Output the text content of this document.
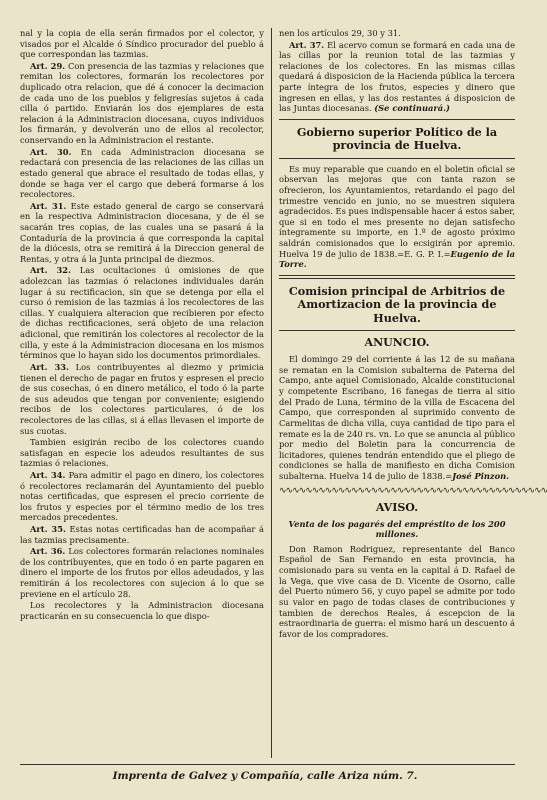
nal y la copia de ella serán firmados por el colector, y visados por el Alcalde ó Síndico procurador del pueblo á que correspondan las tazmias.

Art. 29. Con presencia de las tazmias y relaciones que remitan los colectores, formarán los recolectores por duplicado otra relacion, que dé á conocer la decimacion de cada uno de los pueblos y feligresías sujetos á cada cilla ó partido. Enviarán los dos ejemplares de esta relacion á la Administracion diocesana, cuyos individuos los firmarán, y devolverán uno de ellos al recolector, conservando en la Administracion el restante.

Art. 30. En cada Administracion diocesana se redactará con presencia de las relaciones de las cillas un estado general que abrace el resultado de todas ellas, y donde se haga ver el cargo que deberá formarse á los recolectores.

Art. 31. Este estado general de cargo se conservará en la respectiva Administracion diocesana, y de él se sacarán tres copias, de las cuales una se pasará á la Contaduría de la provincia á que corresponda la capital de la diócesis, otra se remitirá á la Direccion general de Rentas, y otra á la Junta principal de diezmos.

Art. 32. Las ocultaciones ú omisiones de que adolezcan las tazmias ó relaciones individuales darán lugar á su rectificacion, sin que se detenga por ella el curso ó remision de las tazmias á los recolectores de las cillas. Y cualquiera alteracion que recibieren por efecto de dichas rectificaciones, será objeto de una relacion adicional, que remitirán los colectores al recolector de la cilla, y este á la Administracion diocesana en los mismos términos que lo hayan sido los documentos primordiales.

Art. 33. Los contribuyentes al diezmo y primicia tienen el derecho de pagar en frutos y espresen el precio de sus cosechas, ó en dinero metálico, el todo ó la parte de sus adeudos que tengan por conveniente; esigiendo recibos de los colectores particulares, ó de los recolectores de las cillas, si á ellas llevasen el importe de sus cuotas.

Tambien esigirán recibo de los colectores cuando satisfagan en especie los adeudos resultantes de sus tazmias ó relaciones.

Art. 34. Para admitir el pago en dinero, los colectores ó recolectores reclamarán del Ayuntamiento del pueblo notas certificadas, que espresen el precio corriente de los frutos y especies por el término medio de los tres mercados precedentes.

Art. 35. Estas notas certificadas han de acompañar á las tazmias precisamente.

Art. 36. Los colectores formarán relaciones nominales de los contribuyentes, que en todo ó en parte pagaren en dinero el importe de los frutos por ellos adeudados, y las remitirán á los recolectores con sujecion á lo que se previene en el artículo 28.

Los recolectores y la Administracion diocesana practicarán en su consecuencia lo que dispo-

nen los artículos 29, 30 y 31.

Art. 37. El acervo comun se formará en cada una de las cillas por la reunion total de las tazmias y relaciones de los colectores. En las mismas cillas quedará á disposicion de la Hacienda pública la tercera parte íntegra de los frutos, especies y dinero que ingresen en ellas, y las dos restantes á disposicion de las Juntas diocesanas. (Se continuará.)

Gobierno superior Político de la provincia de Huelva.

Es muy reparable que cuando en el boletin oficial se observan las mejoras que con tanta razon se ofrecieron, los Ayuntamientos, retardando el pago del trimestre vencido en junio, no se muestren siquiera agradecidos. Es pues indispensable hacer á estos saber, que si en todo el mes presente no dejan satisfecho íntegramente su importe, en 1.º de agosto próximo saldrán comisionados que lo ecsigirán por apremio. Huelva 19 de julio de 1838.=E. G. P. I.=Eugenio de la Torre.

Comision principal de Arbitrios de Amortizacion de la provincia de Huelva.
ANUNCIO.

El domingo 29 del corriente á las 12 de su mañana se rematan en la Comision subalterna de Paterna del Campo, ante aquel Comisionado, Alcalde constitucional y competente Escribano, 16 fanegas de tierra al sitio del Prado de Luna, término de la villa de Escacena del Campo, que corresponden al suprimido convento de Carmelitas de dicha villa, cuya cantidad de tipo para el remate es la de 240 rs. vn. Lo que se anuncia al público por medio del Boletin para la concurrencia de licitadores, quienes tendrán entendido que el pliego de condiciones se halla de manifiesto en dicha Comision subalterna. Huelva 14 de julio de 1838.=José Pinzon.

∿∿∿∿∿∿∿∿∿∿∿∿∿∿∿∿∿∿∿∿∿∿∿∿∿∿∿∿∿∿∿∿∿∿∿∿∿∿∿∿∿
AVISO.

Venta de los pagarés del empréstito de los 200 millones.

Don Ramon Rodriguez, representante del Banco Español de San Fernando en esta provincia, ha comisionado para su venta en la capital á D. Rafael de la Vega, que vive casa de D. Vicente de Osorno, calle del Puerto número 56, y cuyo papel se admite por todo su valor en pago de todas clases de contribuciones y tambien de derechos Reales, á escepcion de la estraordinaria de guerra: el mismo hará un descuento á favor de los compradores.

Imprenta de Galvez y Compañía, calle Ariza núm. 7.
